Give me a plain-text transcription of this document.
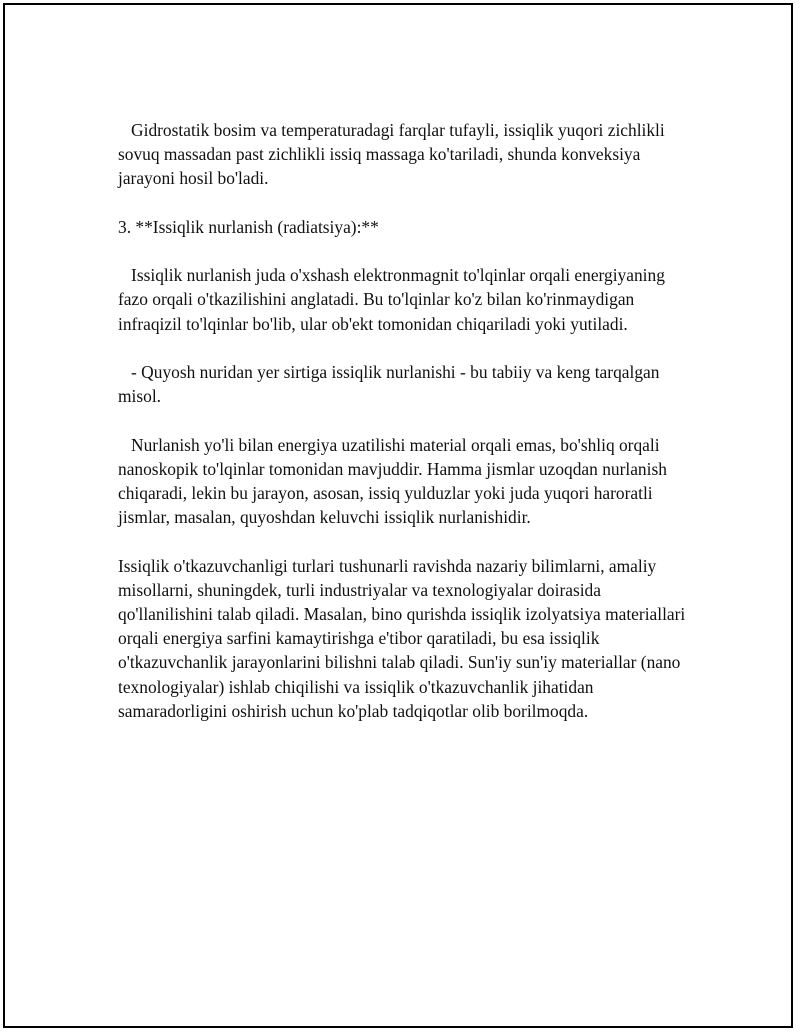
Gidrostatik bosim va temperaturadagi farqlar tufayli, issiqlik yuqori zichlikli sovuq massadan past zichlikli issiq massaga ko'tariladi, shunda konveksiya jarayoni hosil bo'ladi.

3. **Issiqlik nurlanish (radiatsiya):**

Issiqlik nurlanish juda o'xshash elektronmagnit to'lqinlar orqali energiyaning fazo orqali o'tkazilishini anglatadi. Bu to'lqinlar ko'z bilan ko'rinmaydigan infraqizil to'lqinlar bo'lib, ular ob'ekt tomonidan chiqariladi yoki yutiladi.

- Quyosh nuridan yer sirtiga issiqlik nurlanishi - bu tabiiy va keng tarqalgan misol.

Nurlanish yo'li bilan energiya uzatilishi material orqali emas, bo'shliq orqali nanoskopik to'lqinlar tomonidan mavjuddir. Hamma jismlar uzoqdan nurlanish chiqaradi, lekin bu jarayon, asosan, issiq yulduzlar yoki juda yuqori haroratli jismlar, masalan, quyoshdan keluvchi issiqlik nurlanishidir.

Issiqlik o'tkazuvchanligi turlari tushunarli ravishda nazariy bilimlarni, amaliy misollarni, shuningdek, turli industriyalar va texnologiyalar doirasida qo'llanilishini talab qiladi. Masalan, bino qurishda issiqlik izolyatsiya materiallari orqali energiya sarfini kamaytirishga e'tibor qaratiladi, bu esa issiqlik o'tkazuvchanlik jarayonlarini bilishni talab qiladi. Sun'iy sun'iy materiallar (nano texnologiyalar) ishlab chiqilishi va issiqlik o'tkazuvchanlik jihatidan samaradorligini oshirish uchun ko'plab tadqiqotlar olib borilmoqda.
